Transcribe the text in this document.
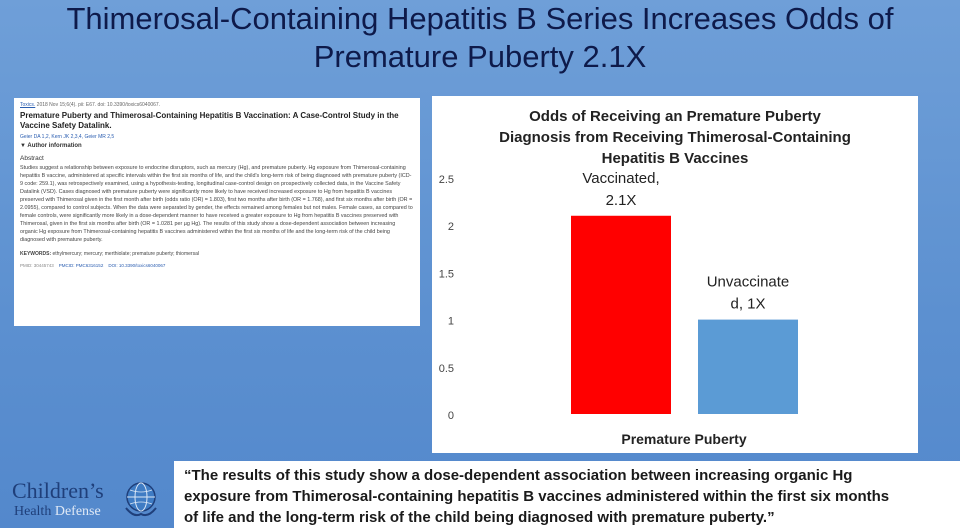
Thimerosal-Containing Hepatitis B Series Increases Odds of
Premature Puberty 2.1X
Toxics. 2018 Nov 15;6(4). pii: E67. doi: 10.3390/toxics6040067.
Premature Puberty and Thimerosal-Containing Hepatitis B Vaccination: A Case-Control Study in the Vaccine Safety Datalink.
Geier DA 1,2, Kern JK 2,3,4, Geier MR 2,5
▼ Author information
Abstract
Studies suggest a relationship between exposure to endocrine disruptors, such as mercury (Hg), and premature puberty. Hg exposure from Thimerosal-containing hepatitis B vaccine, administered at specific intervals within the first six months of life, and the child's long-term risk of being diagnosed with premature puberty (ICD-9 code: 259.1), was retrospectively examined, using a hypothesis-testing, longitudinal case-control design on prospectively collected data, in the Vaccine Safety Datalink (VSD). Cases diagnosed with premature puberty were significantly more likely to have received increased exposure to Hg from hepatitis B vaccines preserved with Thimerosal given in the first month after birth (odds ratio (OR) = 1.803), first two months after birth (OR = 1.768), and first six months after birth (OR = 2.0955), compared to control subjects. When the data were separated by gender, the effects remained among females but not males. Female cases, as compared to female controls, were significantly more likely in a dose-dependent manner to have received a greater exposure to Hg from hepatitis B vaccines preserved with Thimerosal, given in the first six months after birth (OR = 1.0281 per µg Hg). The results of this study show a dose-dependent association between increasing organic Hg exposure from Thimerosal-containing hepatitis B vaccines administered within the first six months of life and the long-term risk of the child being diagnosed with premature puberty.
KEYWORDS: ethylmercury; mercury; merthiolate; premature puberty; thiomersal
PMID: 30445743 PMCID: PMC6316152 DOI: 10.3390/toxics6040067
0
0.5
1
1.5
2
2.5	Vaccinated,
2.1X
Unvaccinate
d, 1X
Premature Puberty
Odds of Receiving an Premature Puberty
Diagnosis from Receiving Thimerosal-Containing
Hepatitis B Vaccines
“The results of this study show a dose-dependent association between increasing organic Hg
exposure from Thimerosal-containing hepatitis B vaccines administered within the first six months
of life and the long-term risk of the child being diagnosed with premature puberty.”
Children’s
Health Defense
